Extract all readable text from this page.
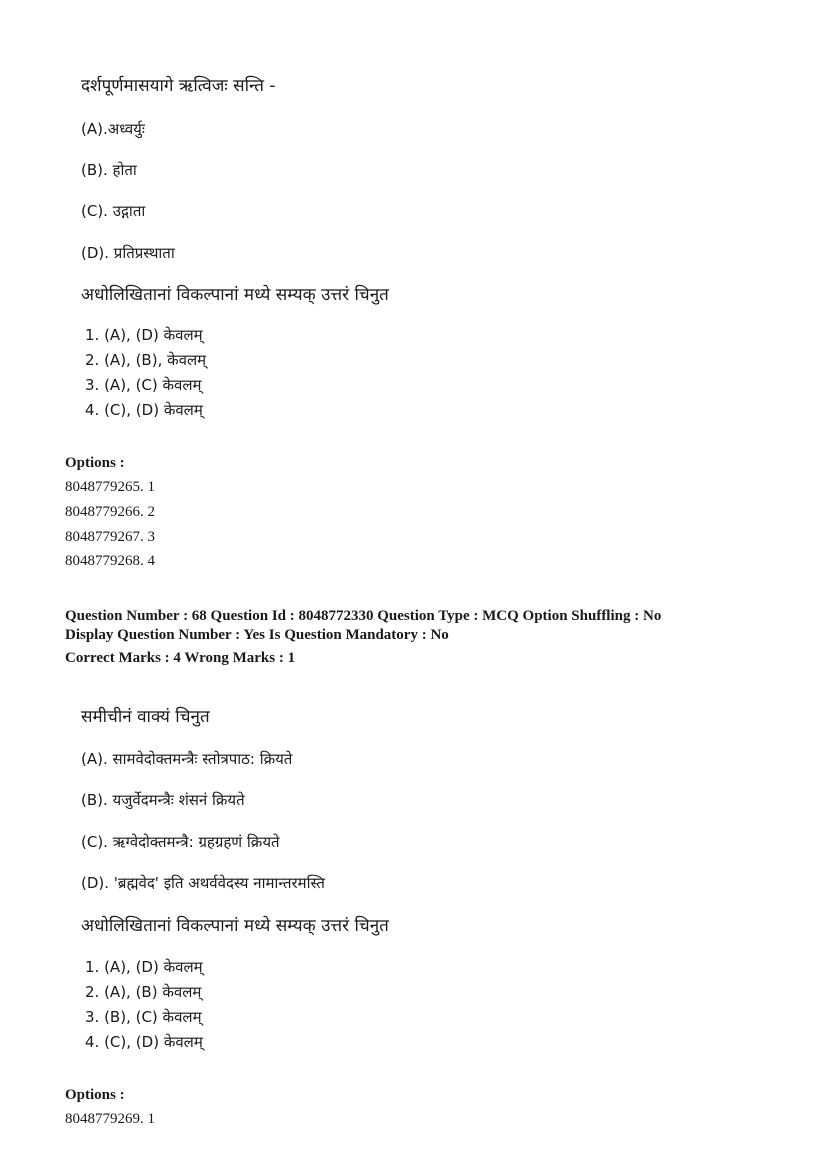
दर्शपूर्णमासयागे ऋत्विजः सन्ति -
(A).अध्वर्युः
(B). होता
(C). उद्गाता
(D). प्रतिप्रस्थाता
अधोलिखितानां विकल्पानां मध्ये सम्यक् उत्तरं चिनुत
1. (A), (D) केवलम्
2. (A), (B), केवलम्
3. (A), (C) केवलम्
4. (C), (D) केवलम्
Options :
8048779265. 1
8048779266. 2
8048779267. 3
8048779268. 4
Question Number : 68 Question Id : 8048772330 Question Type : MCQ Option Shuffling : No
Display Question Number : Yes Is Question Mandatory : No
Correct Marks : 4 Wrong Marks : 1
समीचीनं वाक्यं चिनुत
(A). सामवेदोक्तमन्त्रैः स्तोत्रपाठ: क्रियते
(B). यजुर्वेदमन्त्रैः शंसनं क्रियते
(C). ऋग्वेदोक्तमन्त्रै: ग्रहग्रहणं क्रियते
(D). 'ब्रह्मवेद' इति अथर्ववेदस्य नामान्तरमस्ति
अधोलिखितानां विकल्पानां मध्ये सम्यक् उत्तरं चिनुत
1. (A), (D) केवलम्
2. (A), (B) केवलम्
3. (B), (C) केवलम्
4. (C), (D) केवलम्
Options :
8048779269. 1
